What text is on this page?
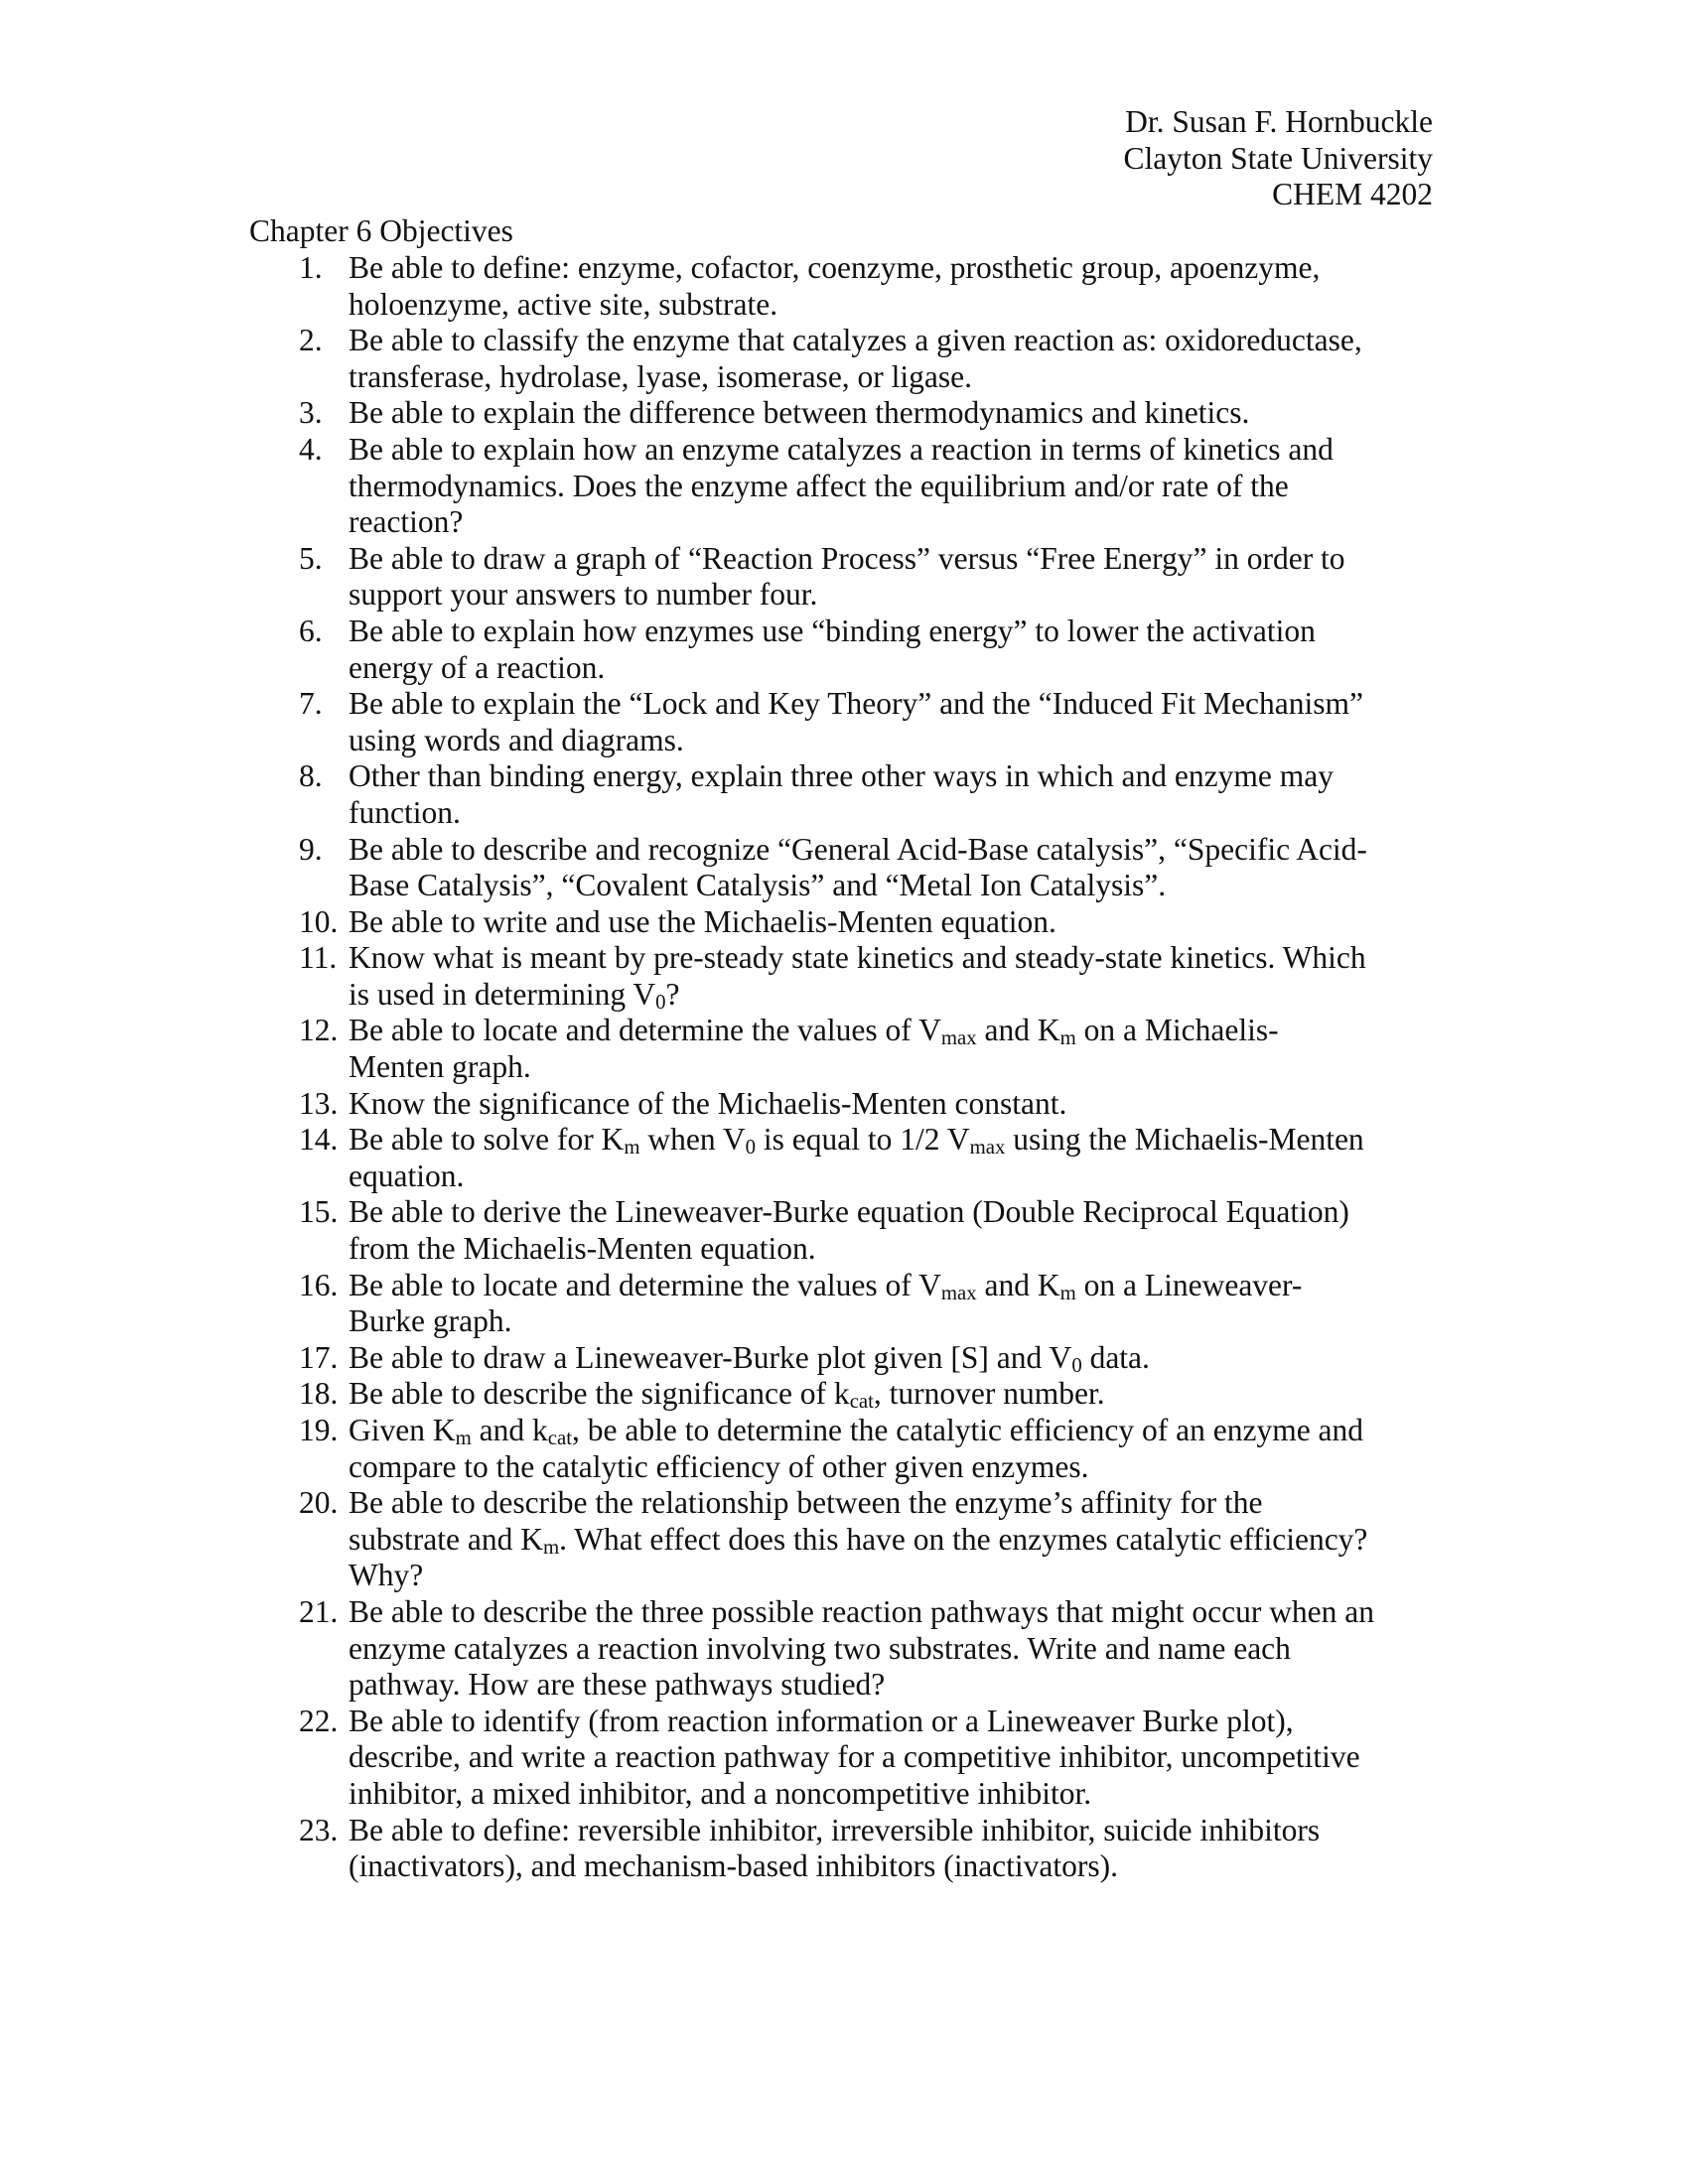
Dr. Susan F. Hornbuckle
Clayton State University
CHEM 4202
Chapter 6 Objectives
1. Be able to define: enzyme, cofactor, coenzyme, prosthetic group, apoenzyme,
holoenzyme, active site, substrate.
2. Be able to classify the enzyme that catalyzes a given reaction as: oxidoreductase,
transferase, hydrolase, lyase, isomerase, or ligase.
3. Be able to explain the difference between thermodynamics and kinetics.
4. Be able to explain how an enzyme catalyzes a reaction in terms of kinetics and
thermodynamics. Does the enzyme affect the equilibrium and/or rate of the
reaction?
5. Be able to draw a graph of “Reaction Process” versus “Free Energy” in order to
support your answers to number four.
6. Be able to explain how enzymes use “binding energy” to lower the activation
energy of a reaction.
7. Be able to explain the “Lock and Key Theory” and the “Induced Fit Mechanism”
using words and diagrams.
8. Other than binding energy, explain three other ways in which and enzyme may
function.
9. Be able to describe and recognize “General Acid-Base catalysis”, “Specific Acid-
Base Catalysis”, “Covalent Catalysis” and “Metal Ion Catalysis”.
10. Be able to write and use the Michaelis-Menten equation.
11. Know what is meant by pre-steady state kinetics and steady-state kinetics. Which
is used in determining $V_0$?
12. Be able to locate and determine the values of $V_{max}$ and $K_m$ on a Michaelis-
Menten graph.
13. Know the significance of the Michaelis-Menten constant.
14. Be able to solve for $K_m$ when $V_0$ is equal to 1/2 $V_{max}$ using the Michaelis-Menten
equation.
15. Be able to derive the Lineweaver-Burke equation (Double Reciprocal Equation)
from the Michaelis-Menten equation.
16. Be able to locate and determine the values of $V_{max}$ and $K_m$ on a Lineweaver-
Burke graph.
17. Be able to draw a Lineweaver-Burke plot given [S] and $V_0$ data.
18. Be able to describe the significance of $k_{cat}$, turnover number.
19. Given $K_m$ and $k_{cat}$, be able to determine the catalytic efficiency of an enzyme and
compare to the catalytic efficiency of other given enzymes.
20. Be able to describe the relationship between the enzyme’s affinity for the
substrate and $K_m$. What effect does this have on the enzymes catalytic efficiency?
Why?
21. Be able to describe the three possible reaction pathways that might occur when an
enzyme catalyzes a reaction involving two substrates. Write and name each
pathway. How are these pathways studied?
22. Be able to identify (from reaction information or a Lineweaver Burke plot),
describe, and write a reaction pathway for a competitive inhibitor, uncompetitive
inhibitor, a mixed inhibitor, and a noncompetitive inhibitor.
23. Be able to define: reversible inhibitor, irreversible inhibitor, suicide inhibitors
(inactivators), and mechanism-based inhibitors (inactivators).
